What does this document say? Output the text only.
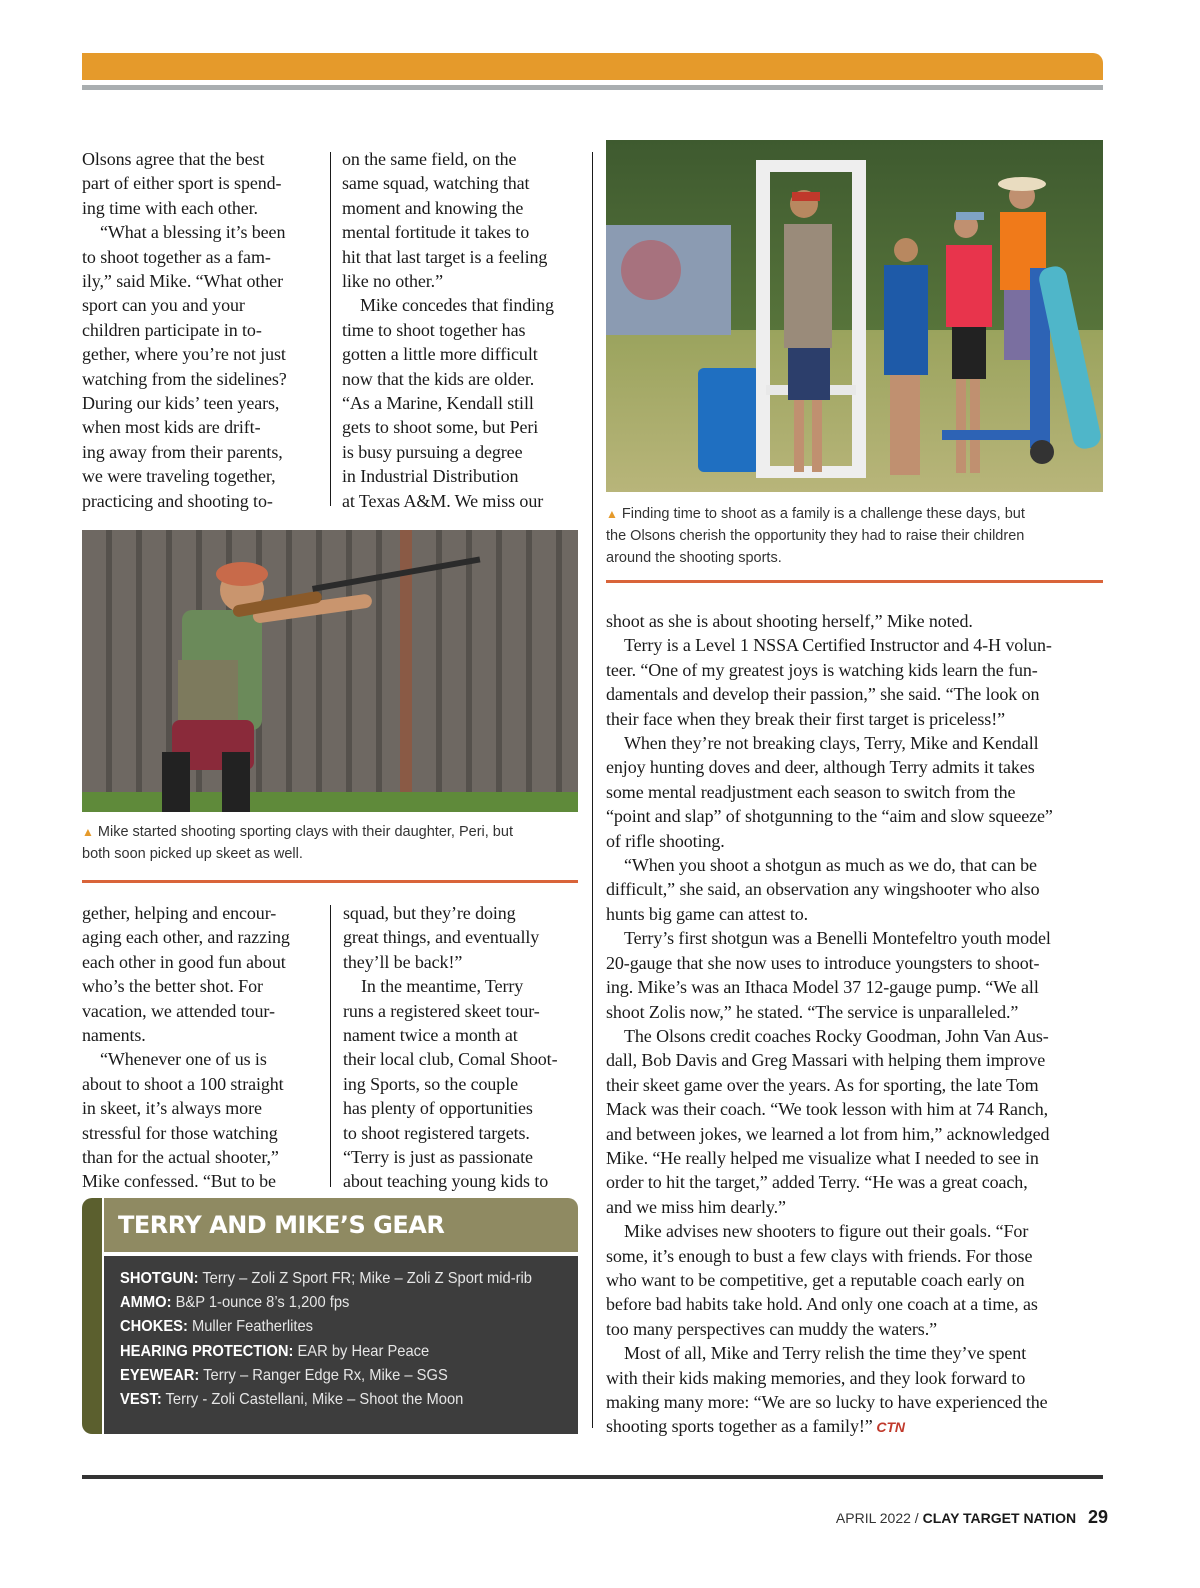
Olsons agree that the best
part of either sport is spend-
ing time with each other.
“What a blessing it’s been
to shoot together as a fam-
ily,” said Mike. “What other
sport can you and your
children participate in to-
gether, where you’re not just
watching from the sidelines?
During our kids’ teen years,
when most kids are drift-
ing away from their parents,
we were traveling together,
practicing and shooting to-
on the same field, on the
same squad, watching that
moment and knowing the
mental fortitude it takes to
hit that last target is a feeling
like no other.”
Mike concedes that finding
time to shoot together has
gotten a little more difficult
now that the kids are older.
“As a Marine, Kendall still
gets to shoot some, but Peri
is busy pursuing a degree
in Industrial Distribution
at Texas A&M. We miss our
▲ Finding time to shoot as a family is a challenge these days, but
the Olsons cherish the opportunity they had to raise their children
around the shooting sports.
▲ Mike started shooting sporting clays with their daughter, Peri, but
both soon picked up skeet as well.
gether, helping and encour-
aging each other, and razzing
each other in good fun about
who’s the better shot. For
vacation, we attended tour-
naments.
“Whenever one of us is
about to shoot a 100 straight
in skeet, it’s always more
stressful for those watching
than for the actual shooter,”
Mike confessed. “But to be
squad, but they’re doing
great things, and eventually
they’ll be back!”
In the meantime, Terry
runs a registered skeet tour-
nament twice a month at
their local club, Comal Shoot-
ing Sports, so the couple
has plenty of opportunities
to shoot registered targets.
“Terry is just as passionate
about teaching young kids to
TERRY AND MIKE’S GEAR
SHOTGUN: Terry – Zoli Z Sport FR; Mike – Zoli Z Sport mid-rib
AMMO: B&P 1-ounce 8’s 1,200 fps
CHOKES: Muller Featherlites
HEARING PROTECTION: EAR by Hear Peace
EYEWEAR: Terry – Ranger Edge Rx, Mike – SGS
VEST: Terry - Zoli Castellani, Mike – Shoot the Moon
shoot as she is about shooting herself,” Mike noted.
Terry is a Level 1 NSSA Certified Instructor and 4-H volun-
teer. “One of my greatest joys is watching kids learn the fun-
damentals and develop their passion,” she said. “The look on
their face when they break their first target is priceless!”
When they’re not breaking clays, Terry, Mike and Kendall
enjoy hunting doves and deer, although Terry admits it takes
some mental readjustment each season to switch from the
“point and slap” of shotgunning to the “aim and slow squeeze”
of rifle shooting.
“When you shoot a shotgun as much as we do, that can be
difficult,” she said, an observation any wingshooter who also
hunts big game can attest to.
Terry’s first shotgun was a Benelli Montefeltro youth model
20-gauge that she now uses to introduce youngsters to shoot-
ing. Mike’s was an Ithaca Model 37 12-gauge pump. “We all
shoot Zolis now,” he stated. “The service is unparalleled.”
The Olsons credit coaches Rocky Goodman, John Van Aus-
dall, Bob Davis and Greg Massari with helping them improve
their skeet game over the years. As for sporting, the late Tom
Mack was their coach. “We took lesson with him at 74 Ranch,
and between jokes, we learned a lot from him,” acknowledged
Mike. “He really helped me visualize what I needed to see in
order to hit the target,” added Terry. “He was a great coach,
and we miss him dearly.”
Mike advises new shooters to figure out their goals. “For
some, it’s enough to bust a few clays with friends. For those
who want to be competitive, get a reputable coach early on
before bad habits take hold. And only one coach at a time, as
too many perspectives can muddy the waters.”
Most of all, Mike and Terry relish the time they’ve spent
with their kids making memories, and they look forward to
making many more: “We are so lucky to have experienced the
shooting sports together as a family!” CTN
APRIL 2022 / CLAY TARGET NATION 29
